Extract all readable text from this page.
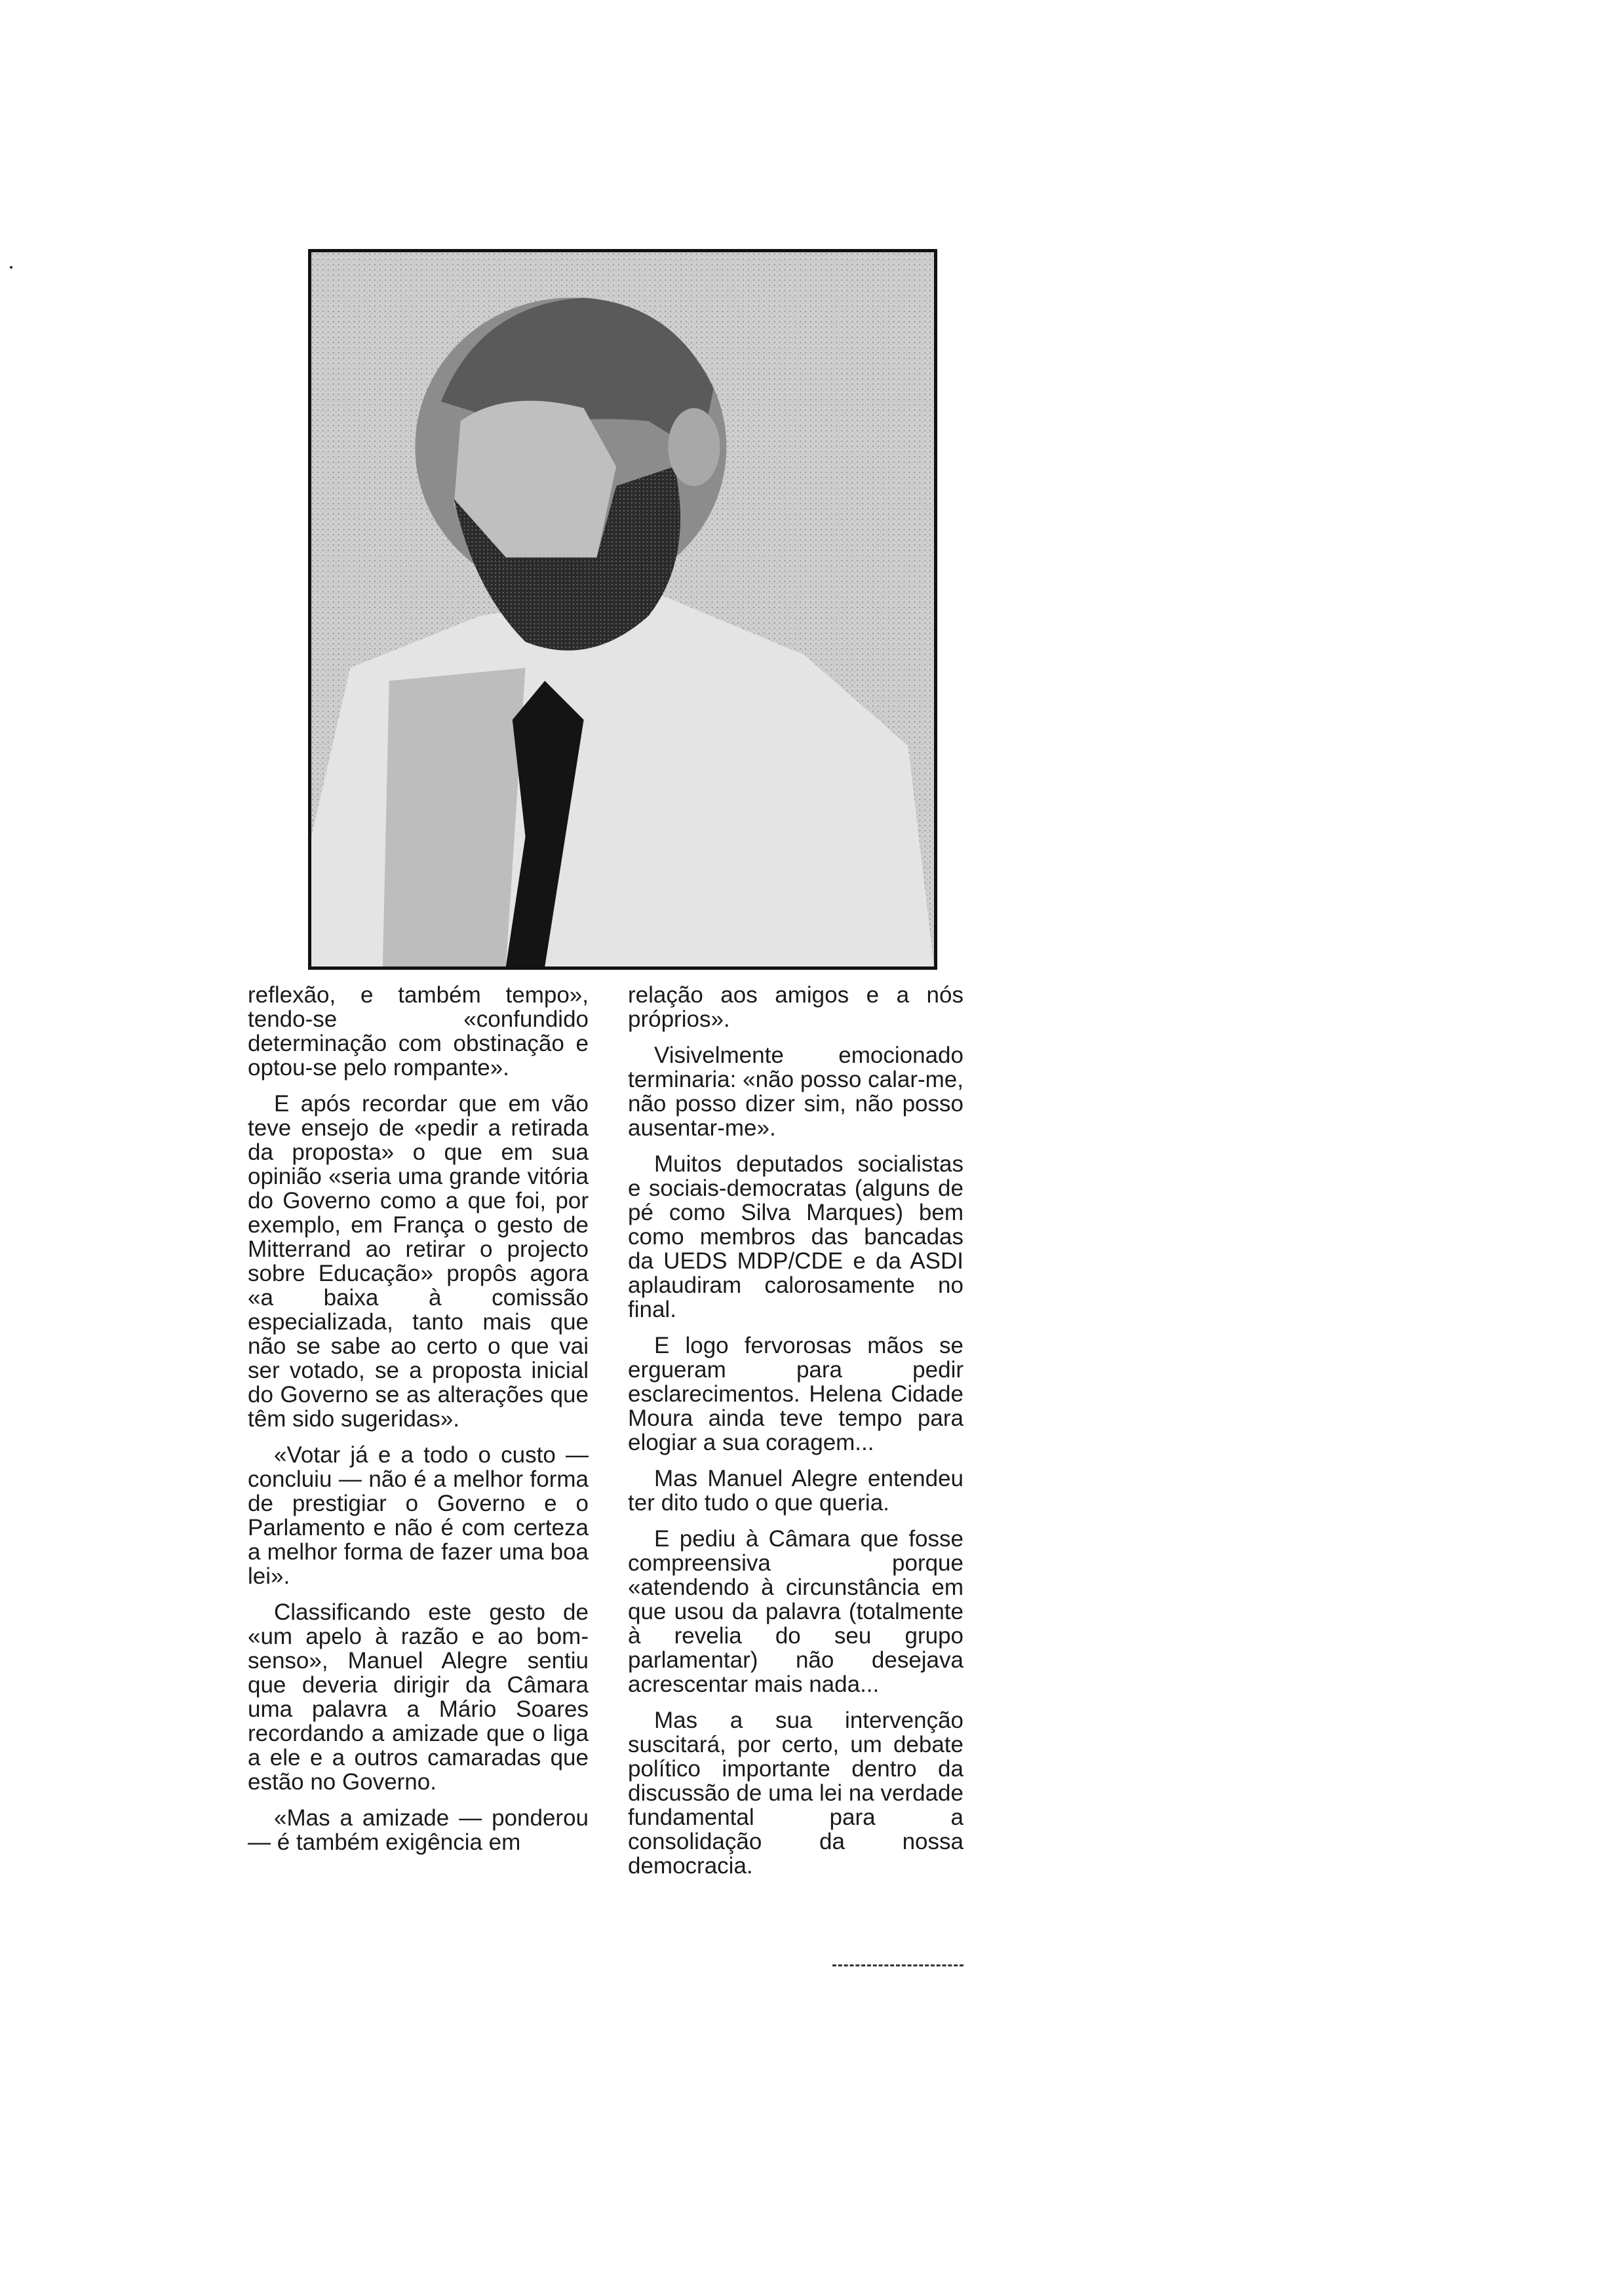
reflexão, e também tempo», tendo-se «confundido determinação com obstinação e optou-se pelo rompante».

E após recordar que em vão teve ensejo de «pedir a retirada da proposta» o que em sua opinião «seria uma grande vitória do Governo como a que foi, por exemplo, em França o gesto de Mitterrand ao retirar o projecto sobre Educação» propôs agora «a baixa à comissão especializada, tanto mais que não se sabe ao certo o que vai ser votado, se a proposta inicial do Governo se as alterações que têm sido sugeridas».

«Votar já e a todo o custo — concluiu — não é a melhor forma de prestigiar o Governo e o Parlamento e não é com certeza a melhor forma de fazer uma boa lei».

Classificando este gesto de «um apelo à razão e ao bom-senso», Manuel Alegre sentiu que deveria dirigir da Câmara uma palavra a Mário Soares recordando a amizade que o liga a ele e a outros camaradas que estão no Governo.

«Mas a amizade — ponderou — é também exigência em

relação aos amigos e a nós próprios».

Visivelmente emocionado terminaria: «não posso calar-me, não posso dizer sim, não posso ausentar-me».

Muitos deputados socialistas e sociais-democratas (alguns de pé como Silva Marques) bem como membros das bancadas da UEDS MDP/CDE e da ASDI aplaudiram calorosamente no final.

E logo fervorosas mãos se ergueram para pedir esclarecimentos. Helena Cidade Moura ainda teve tempo para elogiar a sua coragem...

Mas Manuel Alegre entendeu ter dito tudo o que queria.

E pediu à Câmara que fosse compreensiva porque «atendendo à circunstância em que usou da palavra (totalmente à revelia do seu grupo parlamentar) não desejava acrescentar mais nada...

Mas a sua intervenção suscitará, por certo, um debate político importante dentro da discussão de uma lei na verdade fundamental para a consolidação da nossa democracia.
